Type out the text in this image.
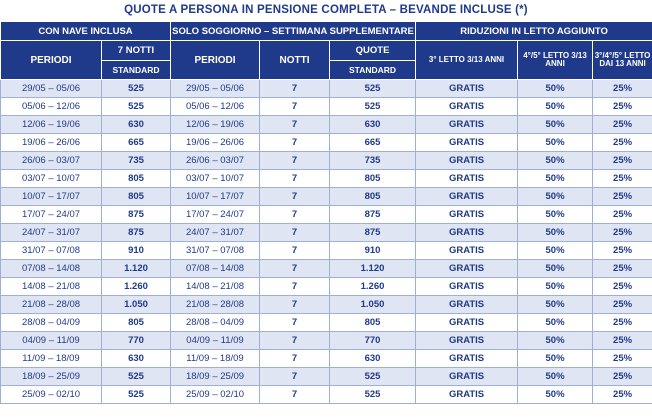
QUOTE A PERSONA IN PENSIONE COMPLETA – BEVANDE INCLUSE (*)
CON NAVE INCLUSA		SOLO SOGGIORNO – SETTIMANA SUPPLEMENTARE			RIDUZIONI IN LETTO AGGIUNTO		
PERIODI	7 NOTTI	PERIODI	NOTTI	QUOTE	3° LETTO 3/13 ANNI	4°/5° LETTO 3/13 ANNI	3°/4°/5° LETTO DAI 13 ANNI
	STANDARD			STANDARD			
29/05 – 05/06	525	29/05 – 05/06	7	525	GRATIS	50%	25%
05/06 – 12/06	525	05/06 – 12/06	7	525	GRATIS	50%	25%
12/06 – 19/06	630	12/06 – 19/06	7	630	GRATIS	50%	25%
19/06 – 26/06	665	19/06 – 26/06	7	665	GRATIS	50%	25%
26/06 – 03/07	735	26/06 – 03/07	7	735	GRATIS	50%	25%
03/07 – 10/07	805	03/07 – 10/07	7	805	GRATIS	50%	25%
10/07 – 17/07	805	10/07 – 17/07	7	805	GRATIS	50%	25%
17/07 – 24/07	875	17/07 – 24/07	7	875	GRATIS	50%	25%
24/07 – 31/07	875	24/07 – 31/07	7	875	GRATIS	50%	25%
31/07 – 07/08	910	31/07 – 07/08	7	910	GRATIS	50%	25%
07/08 – 14/08	1.120	07/08 – 14/08	7	1.120	GRATIS	50%	25%
14/08 – 21/08	1.260	14/08 – 21/08	7	1.260	GRATIS	50%	25%
21/08 – 28/08	1.050	21/08 – 28/08	7	1.050	GRATIS	50%	25%
28/08 – 04/09	805	28/08 – 04/09	7	805	GRATIS	50%	25%
04/09 – 11/09	770	04/09 – 11/09	7	770	GRATIS	50%	25%
11/09 – 18/09	630	11/09 – 18/09	7	630	GRATIS	50%	25%
18/09 – 25/09	525	18/09 – 25/09	7	525	GRATIS	50%	25%
25/09 – 02/10	525	25/09 – 02/10	7	525	GRATIS	50%	25%
